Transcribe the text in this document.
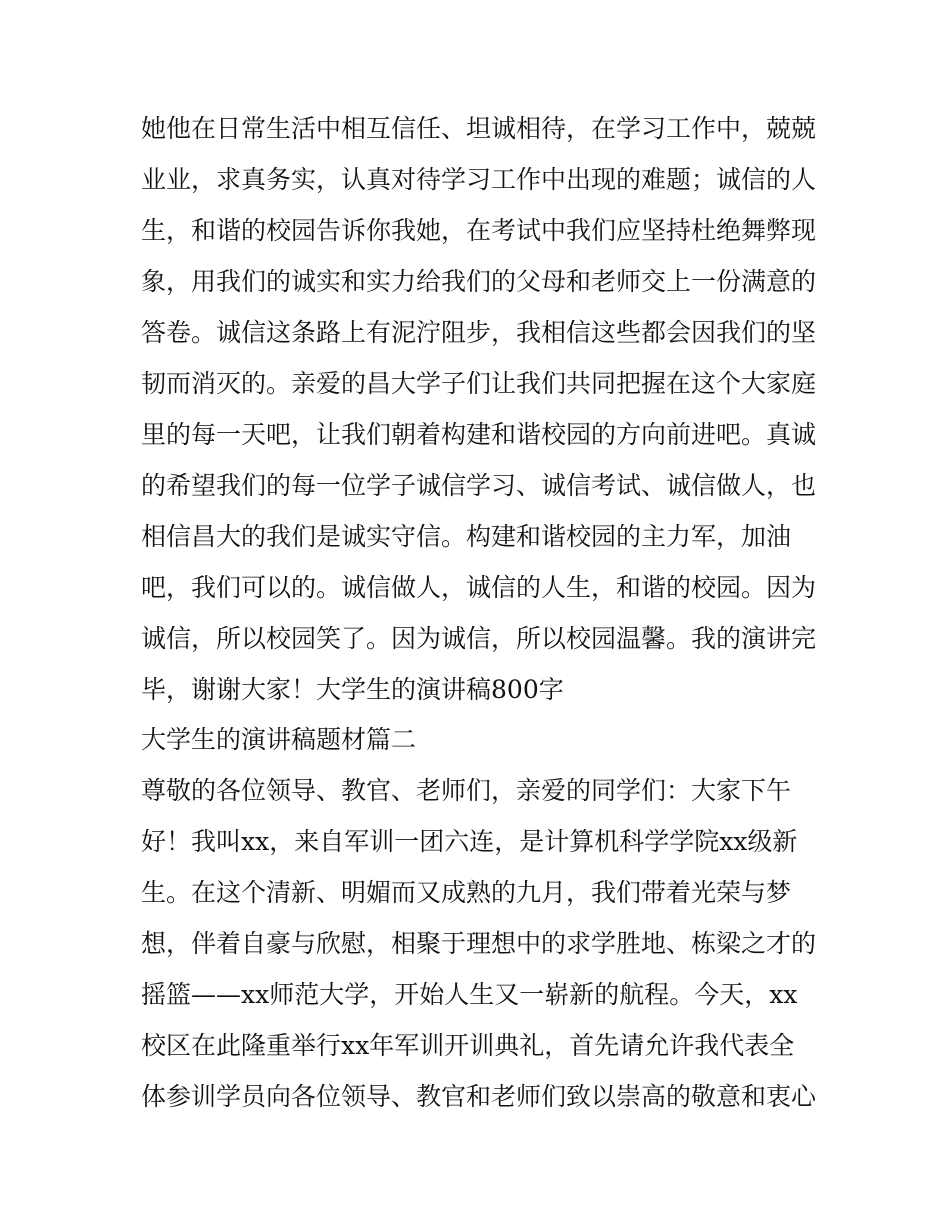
她他在日常生活中相互信任、坦诚相待，在学习工作中，兢兢
业业，求真务实，认真对待学习工作中出现的难题；诚信的人
生，和谐的校园告诉你我她，在考试中我们应坚持杜绝舞弊现
象，用我们的诚实和实力给我们的父母和老师交上一份满意的
答卷。诚信这条路上有泥泞阻步，我相信这些都会因我们的坚
韧而消灭的。亲爱的昌大学子们让我们共同把握在这个大家庭
里的每一天吧，让我们朝着构建和谐校园的方向前进吧。真诚
的希望我们的每一位学子诚信学习、诚信考试、诚信做人，也
相信昌大的我们是诚实守信。构建和谐校园的主力军，加油
吧，我们可以的。诚信做人，诚信的人生，和谐的校园。因为
诚信，所以校园笑了。因为诚信，所以校园温馨。我的演讲完
毕，谢谢大家！大学生的演讲稿800字
大学生的演讲稿题材篇二
尊敬的各位领导、教官、老师们，亲爱的同学们：大家下午
好！我叫xx，来自军训一团六连，是计算机科学学院xx级新
生。在这个清新、明媚而又成熟的九月，我们带着光荣与梦
想，伴着自豪与欣慰，相聚于理想中的求学胜地、栋梁之才的
摇篮——xx师范大学，开始人生又一崭新的航程。今天，xx
校区在此隆重举行xx年军训开训典礼，首先请允许我代表全
体参训学员向各位领导、教官和老师们致以崇高的敬意和衷心
